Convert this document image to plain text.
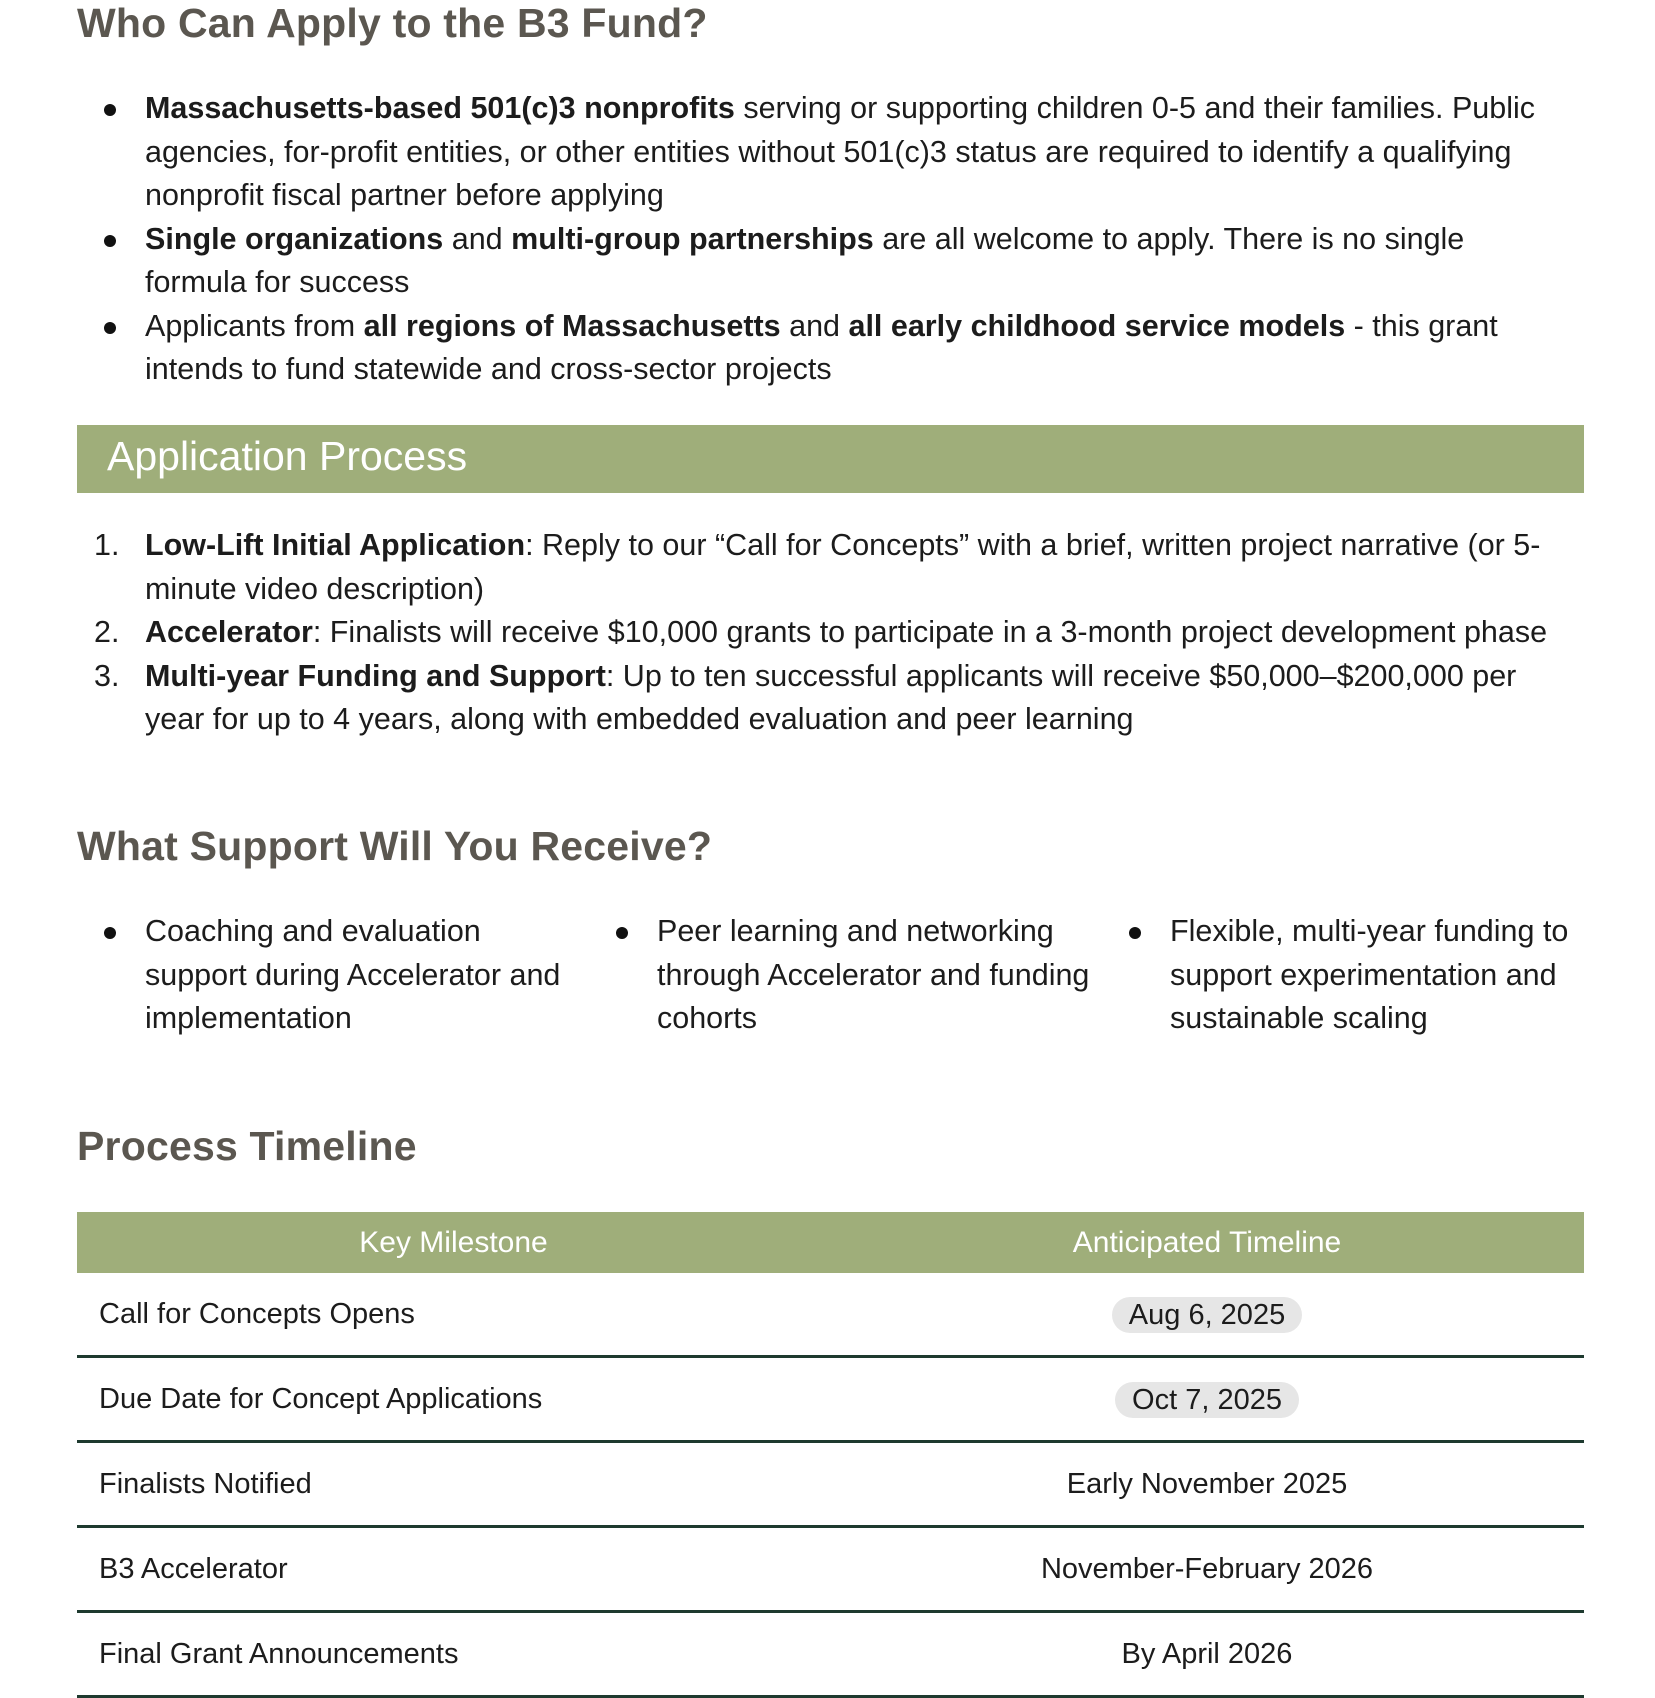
Who Can Apply to the B3 Fund?
Massachusetts-based 501(c)3 nonprofits serving or supporting children 0-5 and their families. Public agencies, for-profit entities, or other entities without 501(c)3 status are required to identify a qualifying nonprofit fiscal partner before applying
Single organizations and multi-group partnerships are all welcome to apply. There is no single formula for success
Applicants from all regions of Massachusetts and all early childhood service models - this grant intends to fund statewide and cross-sector projects
Application Process
1. Low-Lift Initial Application: Reply to our “Call for Concepts” with a brief, written project narrative (or 5-minute video description)
2. Accelerator: Finalists will receive $10,000 grants to participate in a 3-month project development phase
3. Multi-year Funding and Support: Up to ten successful applicants will receive $50,000–$200,000 per year for up to 4 years, along with embedded evaluation and peer learning
What Support Will You Receive?
Coaching and evaluation support during Accelerator and implementation
Peer learning and networking through Accelerator and funding cohorts
Flexible, multi-year funding to support experimentation and sustainable scaling
Process Timeline
Key Milestone	Anticipated Timeline
Call for Concepts Opens	Aug 6, 2025
Due Date for Concept Applications	Oct 7, 2025
Finalists Notified	Early November 2025
B3 Accelerator	November-February 2026
Final Grant Announcements	By April 2026
